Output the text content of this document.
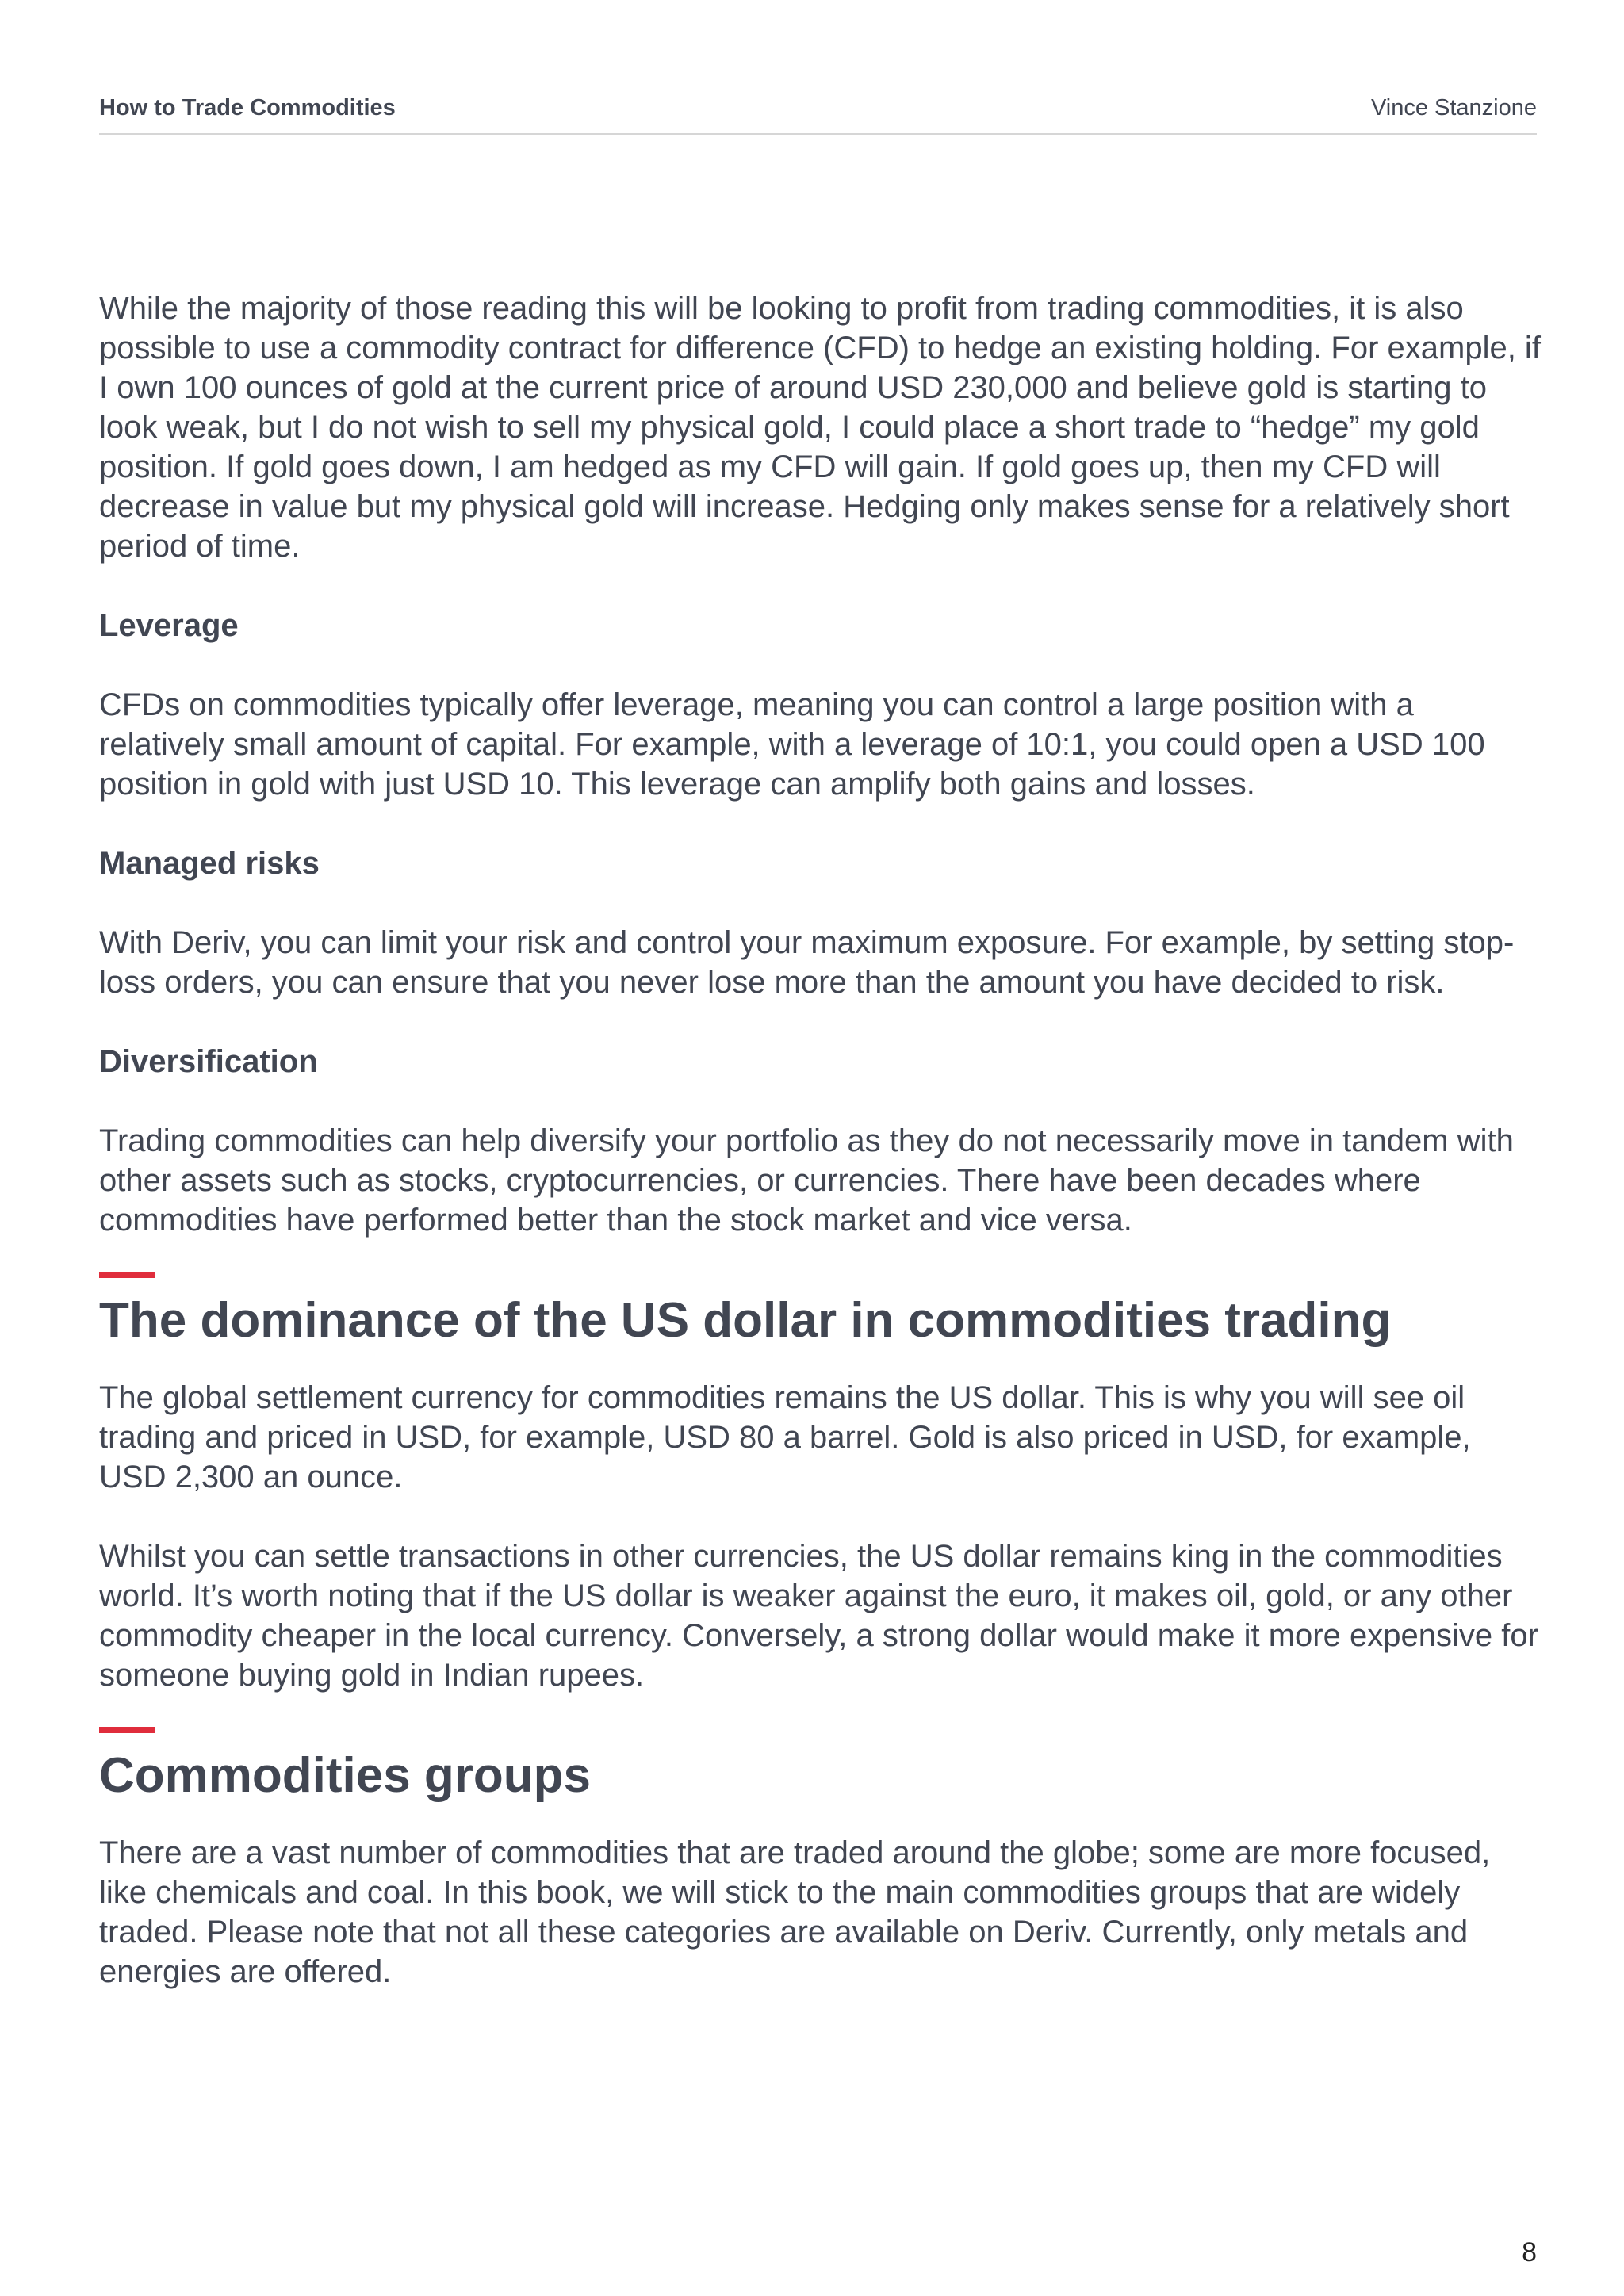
How to Trade Commodities	Vince Stanzione

While the majority of those reading this will be looking to profit from trading commodities, it is also possible to use a commodity contract for difference (CFD) to hedge an existing holding. For example, if I own 100 ounces of gold at the current price of around USD 230,000 and believe gold is starting to look weak, but I do not wish to sell my physical gold, I could place a short trade to “hedge” my gold position. If gold goes down, I am hedged as my CFD will gain. If gold goes up, then my CFD will decrease in value but my physical gold will increase. Hedging only makes sense for a relatively short period of time.

Leverage

CFDs on commodities typically offer leverage, meaning you can control a large position with a relatively small amount of capital. For example, with a leverage of 10:1, you could open a USD 100 position in gold with just USD 10. This leverage can amplify both gains and losses.

Managed risks

With Deriv, you can limit your risk and control your maximum exposure. For example, by setting stop-loss orders, you can ensure that you never lose more than the amount you have decided to risk.

Diversification

Trading commodities can help diversify your portfolio as they do not necessarily move in tandem with other assets such as stocks, cryptocurrencies, or currencies. There have been decades where commodities have performed better than the stock market and vice versa.

The dominance of the US dollar in commodities trading

The global settlement currency for commodities remains the US dollar. This is why you will see oil trading and priced in USD, for example, USD 80 a barrel. Gold is also priced in USD, for example, USD 2,300 an ounce.

Whilst you can settle transactions in other currencies, the US dollar remains king in the commodities world. It’s worth noting that if the US dollar is weaker against the euro, it makes oil, gold, or any other commodity cheaper in the local currency. Conversely, a strong dollar would make it more expensive for someone buying gold in Indian rupees.

Commodities groups

There are a vast number of commodities that are traded around the globe; some are more focused, like chemicals and coal. In this book, we will stick to the main commodities groups that are widely traded. Please note that not all these categories are available on Deriv. Currently, only metals and energies are offered.

8
